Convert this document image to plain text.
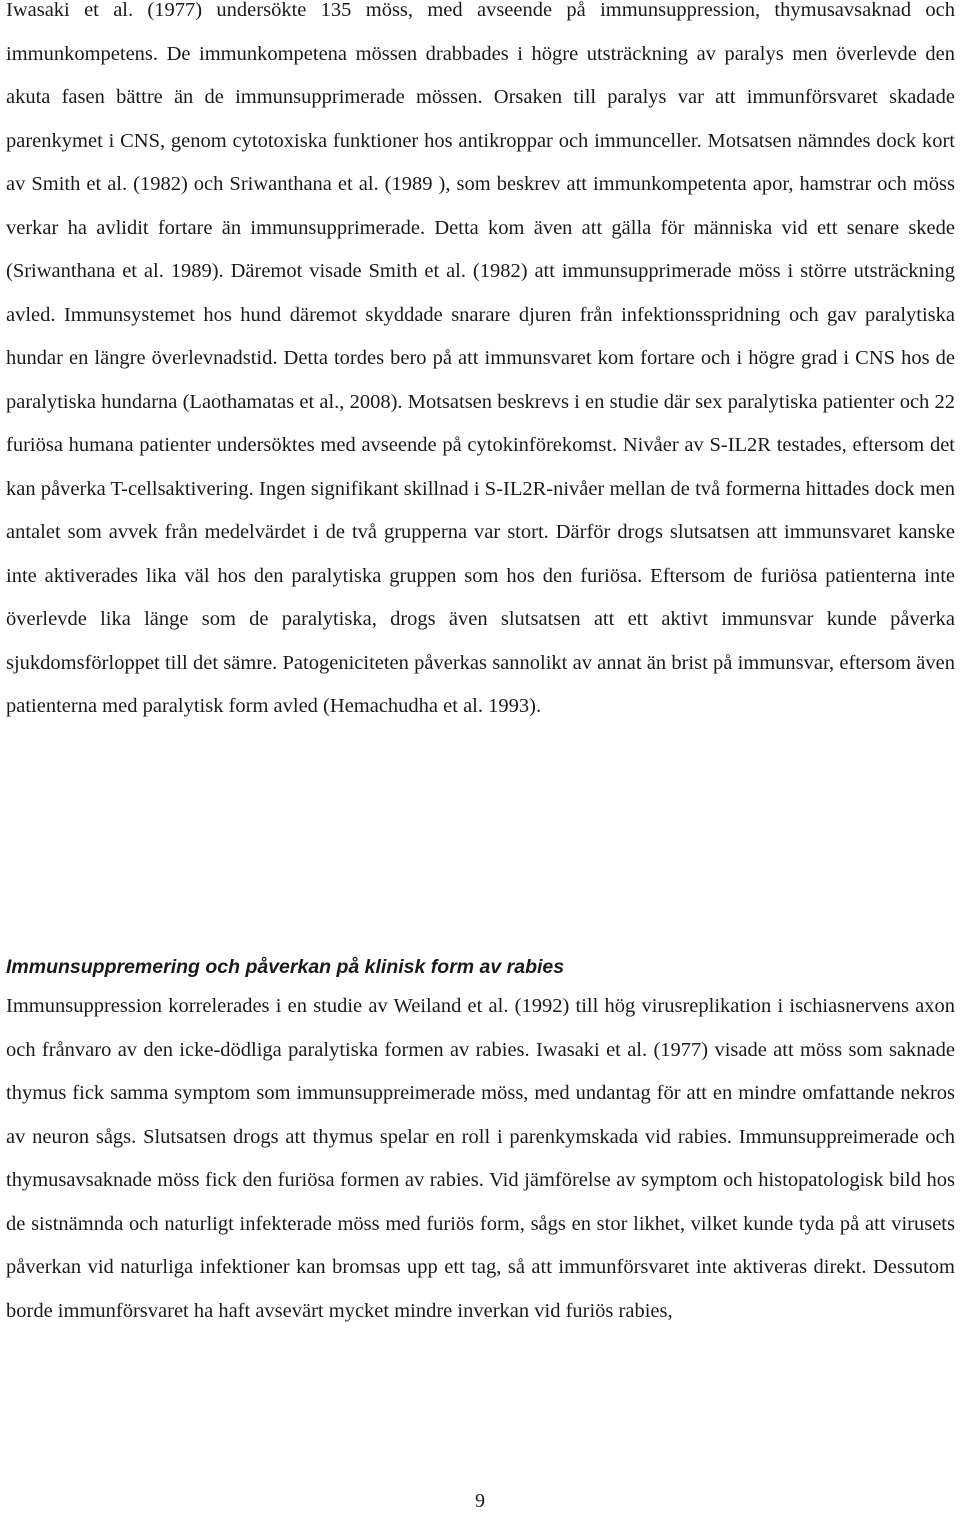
Iwasaki et al. (1977) undersökte 135 möss, med avseende på immunsuppression, thymusavsaknad och immunkompetens. De immunkompetena mössen drabbades i högre utsträckning av paralys men överlevde den akuta fasen bättre än de immunsupprimerade mössen. Orsaken till paralys var att immunförsvaret skadade parenkymet i CNS, genom cytotoxiska funktioner hos antikroppar och immunceller. Motsatsen nämndes dock kort av Smith et al. (1982) och Sriwanthana et al. (1989 ), som beskrev att immunkompetenta apor, hamstrar och möss verkar ha avlidit fortare än immunsupprimerade. Detta kom även att gälla för människa vid ett senare skede (Sriwanthana et al. 1989). Däremot visade Smith et al. (1982) att immunsupprimerade möss i större utsträckning avled. Immunsystemet hos hund däremot skyddade snarare djuren från infektionsspridning och gav paralytiska hundar en längre överlevnadstid. Detta tordes bero på att immunsvaret kom fortare och i högre grad i CNS hos de paralytiska hundarna (Laothamatas et al., 2008). Motsatsen beskrevs i en studie där sex paralytiska patienter och 22 furiösa humana patienter undersöktes med avseende på cytokinförekomst. Nivåer av S-IL2R testades, eftersom det kan påverka T-cellsaktivering. Ingen signifikant skillnad i S-IL2R-nivåer mellan de två formerna hittades dock men antalet som avvek från medelvärdet i de två grupperna var stort. Därför drogs slutsatsen att immunsvaret kanske inte aktiverades lika väl hos den paralytiska gruppen som hos den furiösa. Eftersom de furiösa patienterna inte överlevde lika länge som de paralytiska, drogs även slutsatsen att ett aktivt immunsvar kunde påverka sjukdomsförloppet till det sämre. Patogeniciteten påverkas sannolikt av annat än brist på immunsvar, eftersom även patienterna med paralytisk form avled (Hemachudha et al. 1993).

Immunsuppremering och påverkan på klinisk form av rabies

Immunsuppression korrelerades i en studie av Weiland et al. (1992) till hög virusreplikation i ischiasnervens axon och frånvaro av den icke-dödliga paralytiska formen av rabies. Iwasaki et al. (1977) visade att möss som saknade thymus fick samma symptom som immunsuppreimerade möss, med undantag för att en mindre omfattande nekros av neuron sågs. Slutsatsen drogs att thymus spelar en roll i parenkymskada vid rabies. Immunsuppreimerade och thymusavsaknade möss fick den furiösa formen av rabies. Vid jämförelse av symptom och histopatologisk bild hos de sistnämnda och naturligt infekterade möss med furiös form, sågs en stor likhet, vilket kunde tyda på att virusets påverkan vid naturliga infektioner kan bromsas upp ett tag, så att immunförsvaret inte aktiveras direkt. Dessutom borde immunförsvaret ha haft avsevärt mycket mindre inverkan vid furiös rabies,

9
